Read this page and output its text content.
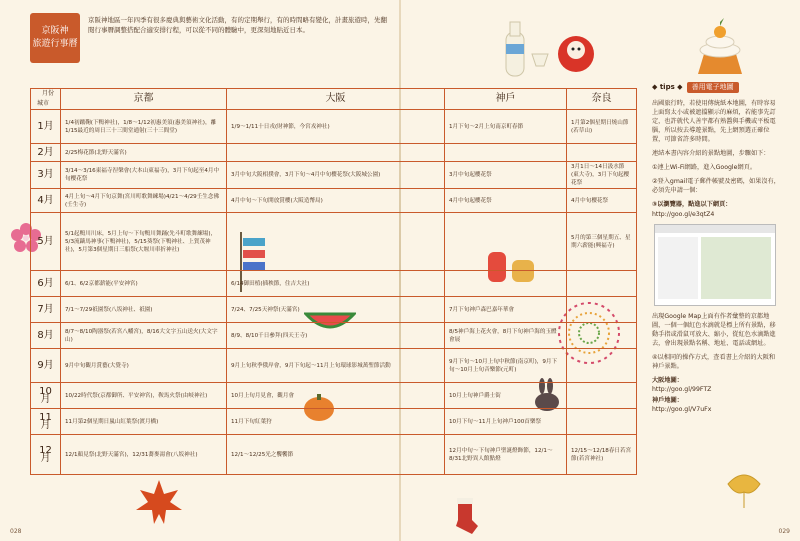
京阪神
旅遊行事曆
京阪神地區一年四季有很多慶典與藝術文化活動，有的定期舉行，有的時間略有變化，計畫旅遊時，先翻閱行事曆調整搭配合適安排行程，可以從不同的體驗中，更深刻地貼近日本。
月份
城市	京都	大阪	神戶	奈良
1月	1/4初蹴鞠(下鴨神社)，1/8～1/12初惠美須(惠美須神社)，離1/15最近的周日三十三間堂通射(三十三間堂)	1/9～1/11十日戎(財神節，今宮戎神社)	1月下旬～2月上旬南京町春節	1月第2個星期日燒山節(若草山)
2月	2/25梅花節(北野天滿宮)			
3月	3/14～3/16東福寺涅槃會(大本山東福寺)，3月下旬起至4月中旬櫻花祭	3月中旬大阪相撲會，3月下旬～4月中旬櫻花祭(大阪城公園)	3月中旬起櫻花祭	3月1日～14日汲水節(東大寺)，3月下旬起櫻花祭
4月	4月上旬～4月下旬京舞(宮川町歌舞練場)4/21～4/29壬生念佛(壬生寺)	4月中旬～下旬開放賞櫻(大阪造幣局)	4月中旬起櫻花祭	4月中旬櫻花祭
5月	5/1起鴨川川床，5月上旬～下旬鴨川舞踊(先斗町歌舞練場)，5/3流鏑馬神事(下鴨神社)，5/15葵祭(下鴨神社、上賀茂神社)，5月第3個星期日三船祭(大堰川車折神社)			5月的第三個星期五、星期六薪能(興福寺)
6月	6/1、6/2京都薪能(平安神宮)	6/14御田植(插秧節，住吉大社)		
7月	7/1～7/29祇園祭(八坂神社、祇園)	7/24、7/25天神祭(天滿宮)	7月下旬神戶森巴嘉年華會	
8月	8/7～8/10陶器祭(若宮八幡宮)，8/16大文字五山送火(大文字山)	8/9、8/10千日參拜(四天王寺)	8/5神戶海上花火會，8月下旬神戶海的玉體會展	
9月	9月中旬觀月賞藝(大覺寺)	9月上旬秋季俄岸會，9月下旬起～11月上旬環球影城萬聖節活動	9月下旬～10月上旬中秋節(南京町)，9月下旬～10月上旬音樂節(元町)	
10月	10/22時代祭(京都御所、平安神宮)，鞍馬火祭(由岐神社)	10月上旬月見會，觀月會	10月上旬神戶爵士街	
11月	11月第2個星期日嵐山紅葉祭(渡月橋)	11月下旬紅葉狩	10月下旬～11月上旬神戶100首樂祭	
12月	12/1顏見祭(北野天滿宮)，12/31蕎麥湯會(八坂神社)	12/1～12/25光之饗饗節	12月中旬～下旬神戶聖誕燈飾節，12/1～8/31北野異人館點燈	12/15～12/18春日若宮節(若宮神社)
◆ tips ◆	善用電子地圖

出國旅行時，若使用傳統紙本地圖，有時容易上面寫太小或被遮擋顯示的麻煩，若能事先訂定，也許就代人善宇都有熟醬與手機或平板電腦，所以按去導遊景點，先上網預選正確位置，可節省許多時間。

連結本書內容介紹的景點地圖，步驟如下：

①連上Wi-Fi網路，進入Google網頁。

②登入gmail電子郵件帳號及密碼，如果沒有，必須先申請一個：

③以瀏覽器，點進以下網頁：

http://goo.gl/e3qtZ4

出現Google Map上面有作者彙整的京都地圖，一個一個紅色水滴就是標上所有景點，移動手指或滑鼠可放大、縮小，從紅色水滴點進去，會出現景點名稱、地址、電話或網址。

④以相同的操作方式，查看書上介紹的大阪和神戶景點。

大阪地圖：

http://goo.gl/99FTZ

神戶地圖：

http://goo.gl/V7uFx

028	029
